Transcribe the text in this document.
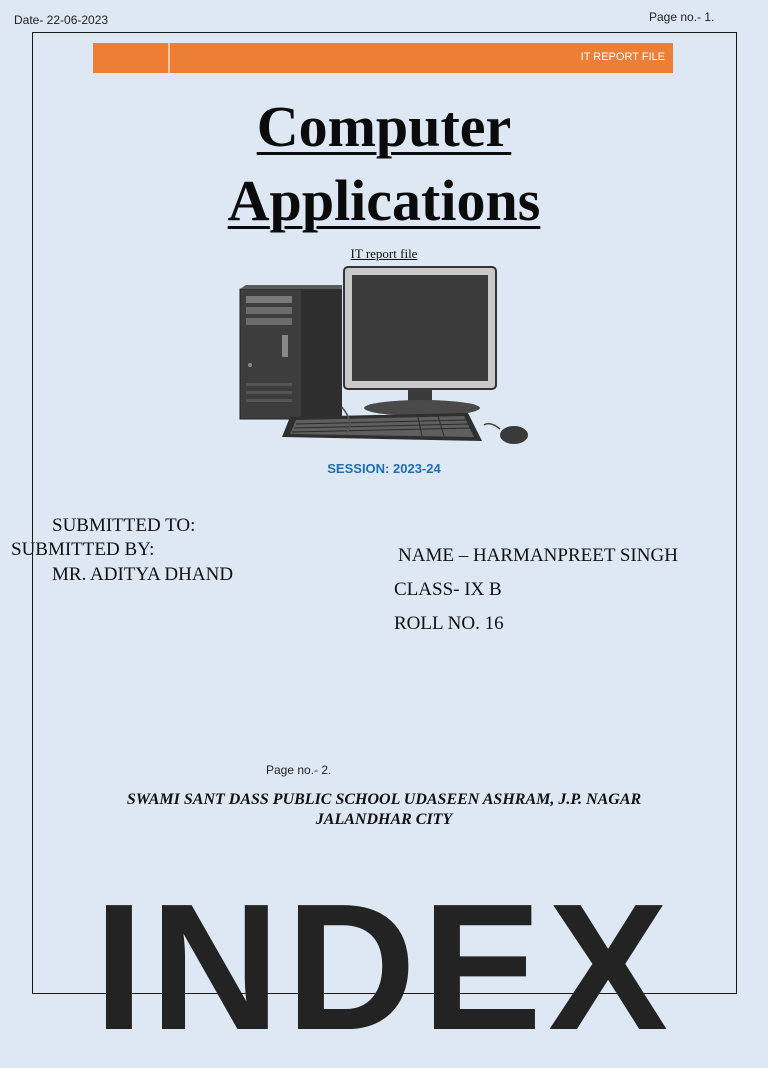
Date- 22-06-2023	Page no.- 1.
IT REPORT FILE
Computer
Applications
IT report file
SESSION: 2023-24
SUBMITTED TO:
SUBMITTED BY:
MR. ADITYA DHAND
NAME – HARMANPREET SINGH
CLASS- IX B
ROLL NO. 16
Page no.- 2.
SWAMI SANT DASS PUBLIC SCHOOL UDASEEN ASHRAM, J.P. NAGAR
JALANDHAR CITY
INDEX
